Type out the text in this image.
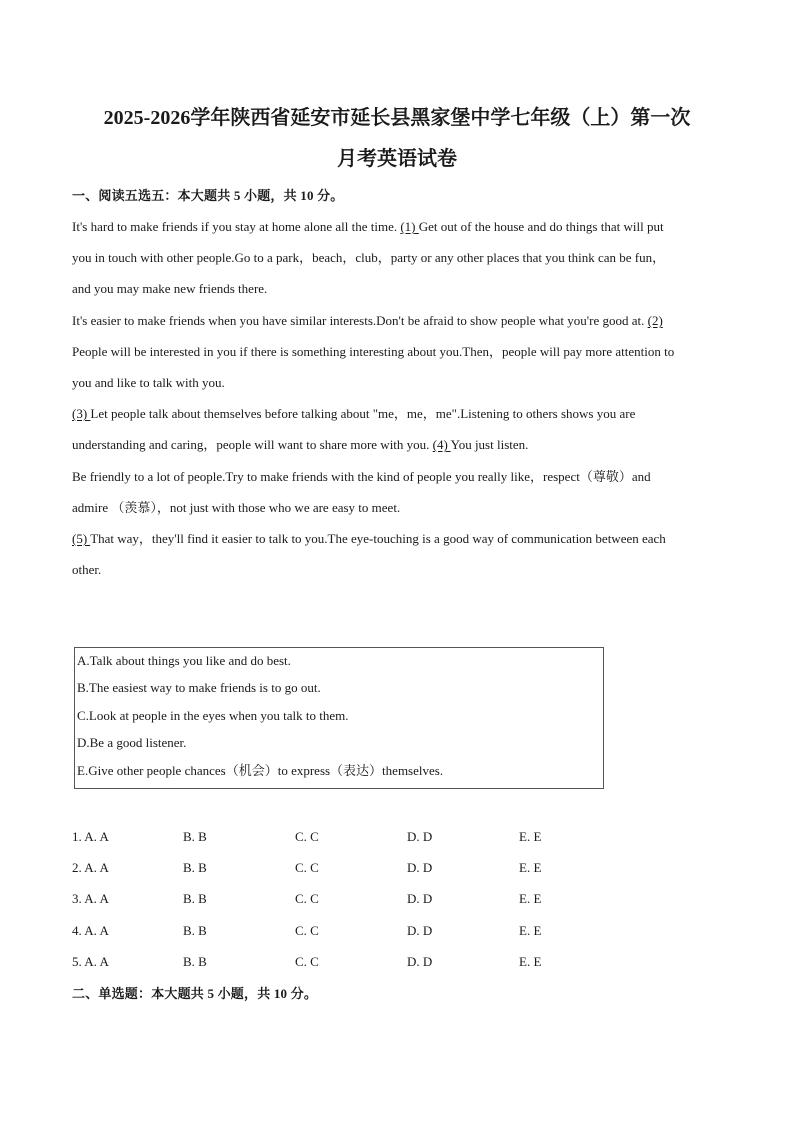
2025-2026学年陕西省延安市延长县黑家堡中学七年级（上）第一次
月考英语试卷
一、阅读五选五：本大题共 5 小题，共 10 分。
It's hard to make friends if you stay at home alone all the time. (1) Get out of the house and do things that will put
you in touch with other people.Go to a park，beach，club，party or any other places that you think can be fun，
and you may make new friends there.
It's easier to make friends when you have similar interests.Don't be afraid to show people what you're good at. (2)
People will be interested in you if there is something interesting about you.Then，people will pay more attention to
you and like to talk with you.
(3) Let people talk about themselves before talking about "me，me，me".Listening to others shows you are
understanding and caring，people will want to share more with you. (4) You just listen.
Be friendly to a lot of people.Try to make friends with the kind of people you really like，respect（尊敬）and
admire （羡慕），not just with those who we are easy to meet.
(5) That way，they'll find it easier to talk to you.The eye-touching is a good way of communication between each
other.
A.Talk about things you like and do best.
B.The easiest way to make friends is to go out.
C.Look at people in the eyes when you talk to them.
D.Be a good listener.
E.Give other people chances（机会）to express（表达）themselves.
1. A. A	B. B	C. C	D. D	E. E
2. A. A	B. B	C. C	D. D	E. E
3. A. A	B. B	C. C	D. D	E. E
4. A. A	B. B	C. C	D. D	E. E
5. A. A	B. B	C. C	D. D	E. E
二、单选题：本大题共 5 小题，共 10 分。
